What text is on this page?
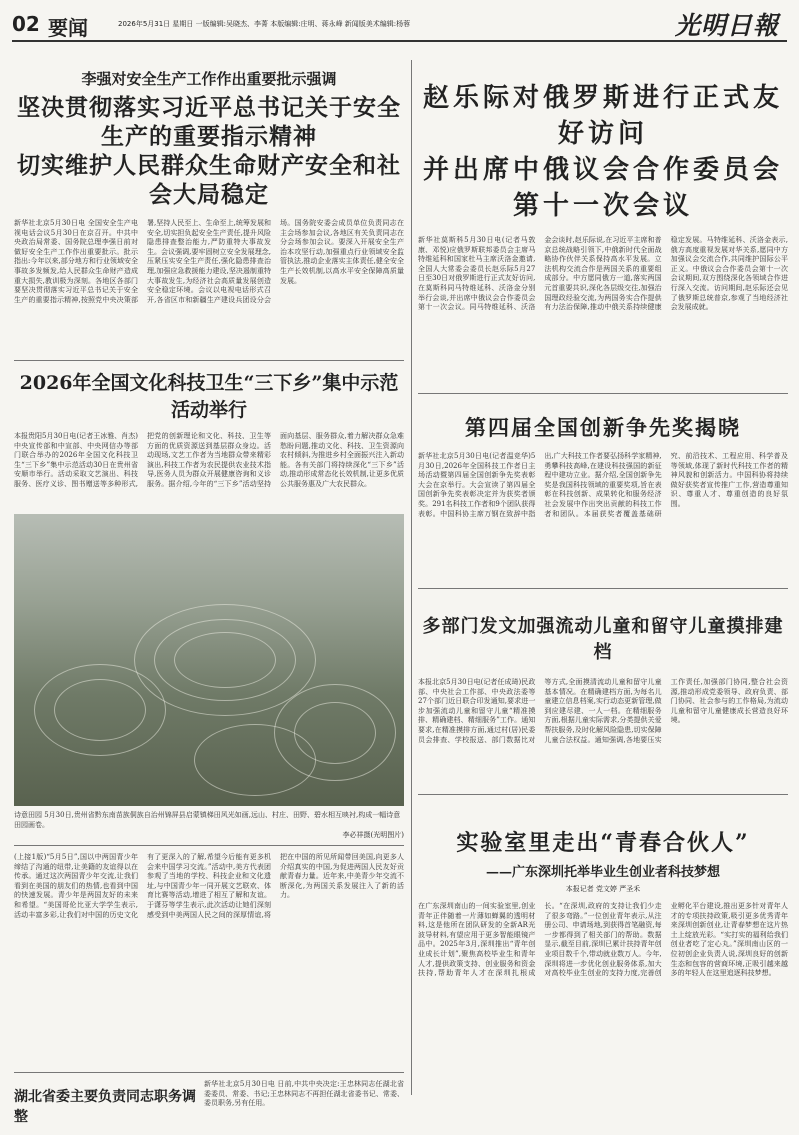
02 要闻	2026年5月31日 星期日 一版编辑:吴晓杰、李菁 本版编辑:庄明、蒋永峰 新闻版美术编辑:杨蓉	光明日報
李强对安全生产工作作出重要批示强调
坚决贯彻落实习近平总书记关于安全生产的重要指示精神
切实维护人民群众生命财产安全和社会大局稳定
新华社北京5月30日电 全国安全生产电视电话会议5月30日在京召开。中共中央政治局常委、国务院总理李强日前对做好安全生产工作作出重要批示。批示指出:今年以来,部分地方和行业领域安全事故多发频发,给人民群众生命财产造成重大损失,教训极为深刻。各地区各部门要坚决贯彻落实习近平总书记关于安全生产的重要指示精神,按照党中央决策部署,坚持人民至上、生命至上,统筹发展和安全,切实担负起安全生产责任,提升风险隐患排查整治能力,严防重特大事故发生。会议强调,要牢固树立安全发展理念,压紧压实安全生产责任,强化隐患排查治理,加强应急救援能力建设,坚决遏制重特大事故发生,为经济社会高质量发展创造安全稳定环境。会议以电视电话形式召开,各省区市和新疆生产建设兵团设分会场。国务院安委会成员单位负责同志在主会场参加会议,各地区有关负责同志在分会场参加会议。要深入开展安全生产治本攻坚行动,加强重点行业领域安全监管执法,推动企业落实主体责任,健全安全生产长效机制,以高水平安全保障高质量发展。
赵乐际对俄罗斯进行正式友好访问
并出席中俄议会合作委员会第十一次会议
新华社莫斯科5月30日电(记者马敦康、邓悦)应俄罗斯联邦委员会主席马特维延科和国家杜马主席沃洛金邀请,全国人大常委会委员长赵乐际5月27日至30日对俄罗斯进行正式友好访问,在莫斯科同马特维延科、沃洛金分别举行会谈,并出席中俄议会合作委员会第十一次会议。同马特维延科、沃洛金会谈时,赵乐际说,在习近平主席和普京总统战略引领下,中俄新时代全面战略协作伙伴关系保持高水平发展。立法机构交流合作是两国关系的重要组成部分。中方愿同俄方一道,落实两国元首重要共识,深化各层级交往,加强治国理政经验交流,为两国务实合作提供有力法治保障,推动中俄关系持续健康稳定发展。马特维延科、沃洛金表示,俄方高度重视发展对华关系,愿同中方加强议会交流合作,共同维护国际公平正义。中俄议会合作委员会第十一次会议期间,双方围绕深化各领域合作进行深入交流。访问期间,赵乐际还会见了俄罗斯总统普京,参观了当地经济社会发展成就。
2026年全国文化科技卫生“三下乡”集中示范活动举行
本报贵阳5月30日电(记者王冰雅、肖杰)中央宣传部和中宣部、中央网信办等部门联合举办的2026年全国文化科技卫生“三下乡”集中示范活动30日在贵州省安顺市举行。活动采取文艺演出、科技服务、医疗义诊、图书赠送等多种形式,把党的创新理论和文化、科技、卫生等方面的优质资源送到基层群众身边。活动现场,文艺工作者为当地群众带来精彩演出,科技工作者为农民提供农业技术指导,医务人员为群众开展健康咨询和义诊服务。据介绍,今年的“三下乡”活动坚持面向基层、服务群众,着力解决群众急难愁盼问题,推动文化、科技、卫生资源向农村倾斜,为推进乡村全面振兴注入新动能。各有关部门将持续深化“三下乡”活动,推动形成常态化长效机制,让更多优质公共服务惠及广大农民群众。
诗意田园 5月30日,贵州省黔东南苗族侗族自治州锦屏县启蒙镇梯田风光如画,远山、村庄、田野、碧水相互映衬,构成一幅诗意田园画卷。
李必祥摄(光明图片)
第四届全国创新争先奖揭晓
新华社北京5月30日电(记者温竞华)5月30日,2026年全国科技工作者日主场活动暨第四届全国创新争先奖表彰大会在京举行。大会宣读了第四届全国创新争先奖表彰决定并为获奖者颁奖。291名科技工作者和9个团队获得表彰。中国科协主席万钢在致辞中指出,广大科技工作者要弘扬科学家精神,勇攀科技高峰,在建设科技强国的新征程中建功立业。据介绍,全国创新争先奖是我国科技领域的重要奖项,旨在表彰在科技创新、成果转化和服务经济社会发展中作出突出贡献的科技工作者和团队。本届获奖者覆盖基础研究、前沿技术、工程应用、科学普及等领域,体现了新时代科技工作者的精神风貌和创新活力。中国科协将持续做好获奖者宣传推广工作,营造尊重知识、尊重人才、尊重创造的良好氛围。
多部门发文加强流动儿童和留守儿童摸排建档
本报北京5月30日电(记者任成琦)民政部、中央社会工作部、中央政法委等27个部门近日联合印发通知,要求进一步加强流动儿童和留守儿童“精准摸排、精确建档、精细服务”工作。通知要求,在精准摸排方面,通过村(居)民委员会排查、学校报送、部门数据比对等方式,全面摸清流动儿童和留守儿童基本情况。在精确建档方面,为每名儿童建立信息档案,实行动态更新管理,做到应建尽建、一人一档。在精细服务方面,根据儿童实际需求,分类提供关爱帮扶服务,及时化解风险隐患,切实保障儿童合法权益。通知强调,各地要压实工作责任,加强部门协同,整合社会资源,推动形成党委领导、政府负责、部门协同、社会参与的工作格局,为流动儿童和留守儿童健康成长营造良好环境。
(上接1版)“5月5日”,国以中两国青少年缔结了沟通的纽带,让美籍的友谊得以在传承。通过这次两国青少年交流,让我们看到在美国的朋友们的热情,也看到中国的快速发展。青少年是两国友好的未来和希望。“美国哥伦比亚大学学生表示,活动丰富多彩,让我们对中国的历史文化有了更深入的了解,希望今后能有更多机会来中国学习交流。”活动中,美方代表团参观了当地的学校、科技企业和文化遗址,与中国青少年一同开展文艺联欢、体育比赛等活动,增进了相互了解和友谊。于潇芬等学生表示,此次活动让她们深刻感受到中美两国人民之间的深厚情谊,将把在中国的所见所闻带回美国,向更多人介绍真实的中国,为促进两国人民友好贡献青春力量。近年来,中美青少年交流不断深化,为两国关系发展注入了新的活力。
湖北省委主要负责同志职务调整
新华社北京5月30日电 日前,中共中央决定:王忠林同志任湖北省委委员、常委、书记;王忠林同志不再担任湖北省委书记、常委、委员职务,另有任用。
实验室里走出“青春合伙人”
——广东深圳托举毕业生创业者科技梦想
本报记者 党文婷 严圣禾
在广东深圳南山的一间实验室里,创业青年正伴随着一片薄如蝉翼的透明材料,这是他所在团队研发的全新AR光波导材料,有望应用于更多智能眼镜产品中。2025年3月,深圳推出“青年创业成长计划”,聚焦高校毕业生和青年人才,提供政策支持、创业服务和资金扶持,帮助青年人才在深圳扎根成长。“在深圳,政府的支持让我们少走了很多弯路。”一位创业青年表示,从注册公司、申请场地,到获得首笔融资,每一步都得到了相关部门的帮助。数据显示,截至目前,深圳已累计扶持青年创业项目数千个,带动就业数万人。今年,深圳将进一步优化创业服务体系,加大对高校毕业生创业的支持力度,完善创业孵化平台建设,推出更多针对青年人才的专项扶持政策,吸引更多优秀青年来深圳创新创业,让青春梦想在这片热土上绽放光彩。“实打实的福利给我们创业者吃了定心丸。”深圳南山区的一位初创企业负责人说,深圳良好的创新生态和包容的营商环境,正吸引越来越多的年轻人在这里追逐科技梦想。
